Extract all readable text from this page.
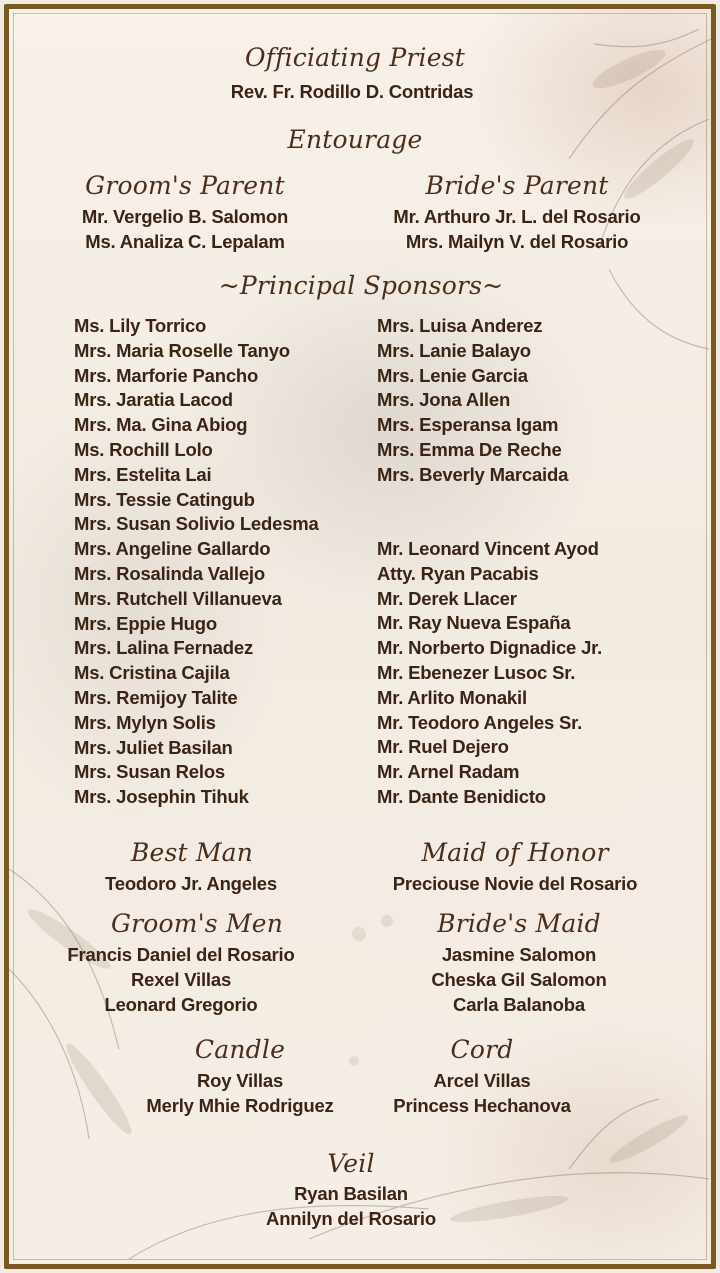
Officiating Priest
Rev. Fr. Rodillo D. Contridas
Entourage
Groom's Parent
Mr. Vergelio B. Salomon
Ms. Analiza C. Lepalam
Bride's Parent
Mr. Arthuro Jr. L. del Rosario
Mrs. Mailyn V. del Rosario
~Principal Sponsors~
Ms. Lily Torrico
Mrs. Maria Roselle Tanyo
Mrs. Marforie Pancho
Mrs. Jaratia Lacod
Mrs. Ma. Gina Abiog
Ms. Rochill Lolo
Mrs. Estelita Lai
Mrs. Tessie Catingub
Mrs. Susan Solivio Ledesma
Mrs. Angeline Gallardo
Mrs. Rosalinda Vallejo
Mrs. Rutchell Villanueva
Mrs. Eppie Hugo
Mrs. Lalina Fernadez
Ms. Cristina Cajila
Mrs. Remijoy Talite
Mrs. Mylyn Solis
Mrs. Juliet Basilan
Mrs. Susan Relos
Mrs. Josephin Tihuk
Mrs. Luisa Anderez
Mrs. Lanie Balayo
Mrs. Lenie Garcia
Mrs. Jona Allen
Mrs. Esperansa Igam
Mrs. Emma De Reche
Mrs. Beverly Marcaida
Mr. Leonard Vincent Ayod
Atty. Ryan Pacabis
Mr. Derek Llacer
Mr. Ray Nueva España
Mr. Norberto Dignadice Jr.
Mr. Ebenezer Lusoc Sr.
Mr. Arlito Monakil
Mr. Teodoro Angeles Sr.
Mr. Ruel Dejero
Mr. Arnel Radam
Mr. Dante Benidicto
Best Man
Teodoro Jr. Angeles
Maid of Honor
Preciouse Novie del Rosario
Groom's Men
Francis Daniel del Rosario
Rexel Villas
Leonard Gregorio
Bride's Maid
Jasmine Salomon
Cheska Gil Salomon
Carla Balanoba
Candle
Roy Villas
Merly Mhie Rodriguez
Cord
Arcel Villas
Princess Hechanova
Veil
Ryan Basilan
Annilyn del Rosario
